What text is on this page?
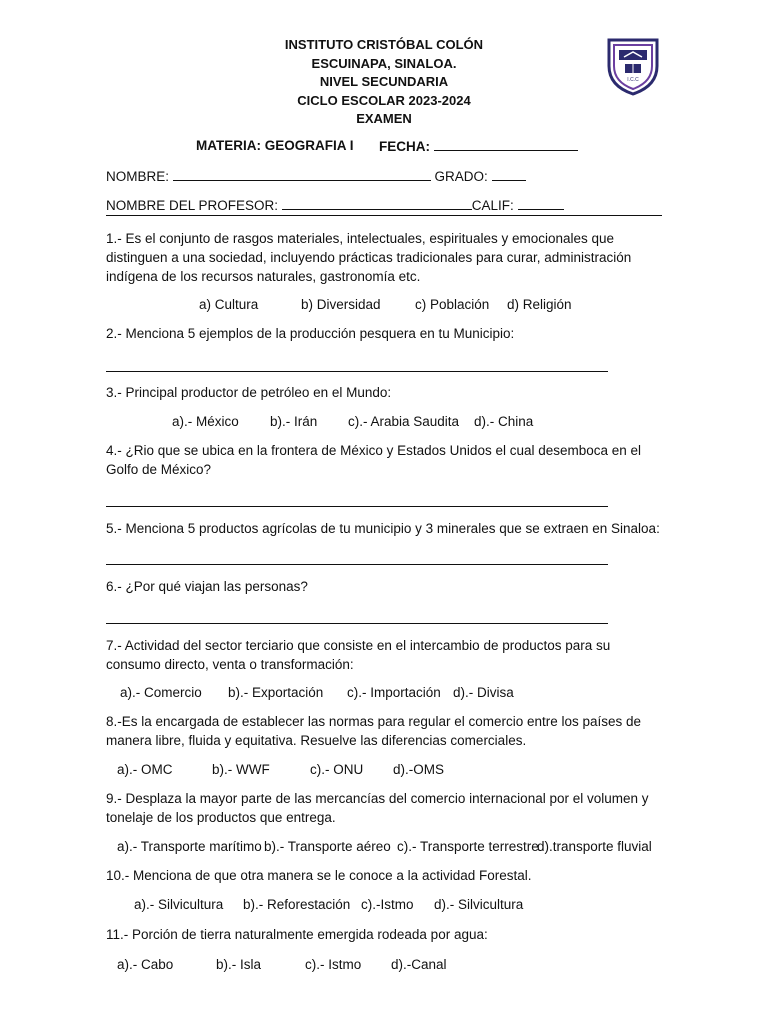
INSTITUTO CRISTÓBAL COLÓN
ESCUINAPA, SINALOA.
NIVEL SECUNDARIA
CICLO ESCOLAR 2023-2024
EXAMEN
I.C.C
MATERIA: GEOGRAFIA I FECHA:
NOMBRE:	GRADO:
NOMBRE DEL PROFESOR:	CALIF:
1.- Es el conjunto de rasgos materiales, intelectuales, espirituales y emocionales que distinguen a una sociedad, incluyendo prácticas tradicionales para curar, administración indígena de los recursos naturales, gastronomía etc.
a) Cultura	b) Diversidad	c) Población d) Religión
2.- Menciona 5 ejemplos de la producción pesquera en tu Municipio:
3.- Principal productor de petróleo en el Mundo:
a).- México b).- Irán c).- Arabia Saudita d).- China
4.- ¿Rio que se ubica en la frontera de México y Estados Unidos el cual desemboca en el Golfo de México?
5.- Menciona 5 productos agrícolas de tu municipio y 3 minerales que se extraen en Sinaloa:
6.- ¿Por qué viajan las personas?
7.- Actividad del sector terciario que consiste en el intercambio de productos para su consumo directo, venta o transformación:
a).- Comercio b).- Exportación c).- Importación d).- Divisa
8.-Es la encargada de establecer las normas para regular el comercio entre los países de manera libre, fluida y equitativa. Resuelve las diferencias comerciales.
a).- OMC	b).- WWF	c).- ONU d).-OMS
9.- Desplaza la mayor parte de las mercancías del comercio internacional por el volumen y tonelaje de los productos que entrega.
a).- Transporte marítimo b).- Transporte aéreo c).- Transporte terrestred).transporte fluvial
10.- Menciona de que otra manera se le conoce a la actividad Forestal.
a).- Silvicultura b).- Reforestación c).-Istmo d).- Silvicultura
11.- Porción de tierra naturalmente emergida rodeada por agua:
a).- Cabo	b).- Isla	c).- Istmo d).-Canal
